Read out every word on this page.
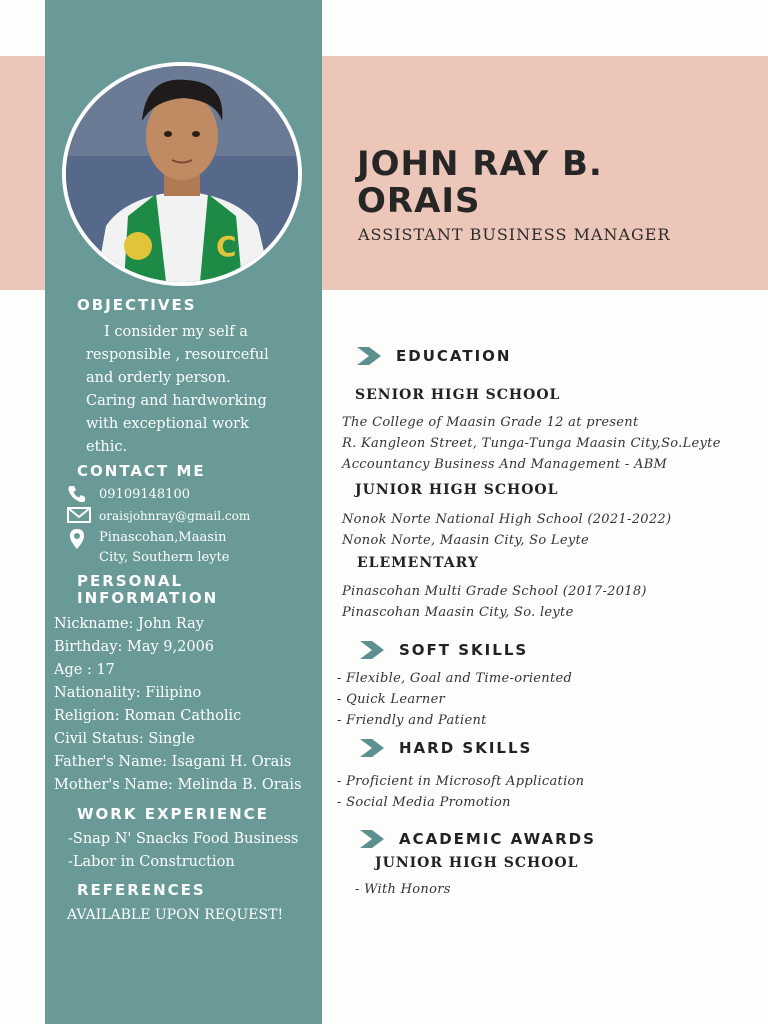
C
JOHN RAY B.
ORAIS
ASSISTANT BUSINESS MANAGER
OBJECTIVES
I consider my self a
responsible , resourceful
and orderly person.
Caring and hardworking
with exceptional work
ethic.
CONTACT ME
09109148100
oraisjohnray@gmail.com
Pinascohan,Maasin
City, Southern leyte
PERSONAL
INFORMATION
Nickname: John Ray
Birthday: May 9,2006
Age : 17
Nationality: Filipino
Religion: Roman Catholic
Civil Status: Single
Father's Name: Isagani H. Orais
Mother's Name: Melinda B. Orais
WORK EXPERIENCE
-Snap N' Snacks Food Business
-Labor in Construction
REFERENCES
AVAILABLE UPON REQUEST!
EDUCATION
SENIOR HIGH SCHOOL
The College of Maasin Grade 12 at present
R. Kangleon Street, Tunga-Tunga Maasin City,So.Leyte
Accountancy Business And Management - ABM
JUNIOR HIGH SCHOOL
Nonok Norte National High School (2021-2022)
Nonok Norte, Maasin City, So Leyte
ELEMENTARY
Pinascohan Multi Grade School (2017-2018)
Pinascohan Maasin City, So. leyte
SOFT SKILLS
- Flexible, Goal and Time-oriented
- Quick Learner
- Friendly and Patient
HARD SKILLS
- Proficient in Microsoft Application
- Social Media Promotion
ACADEMIC AWARDS
JUNIOR HIGH SCHOOL
- With Honors
